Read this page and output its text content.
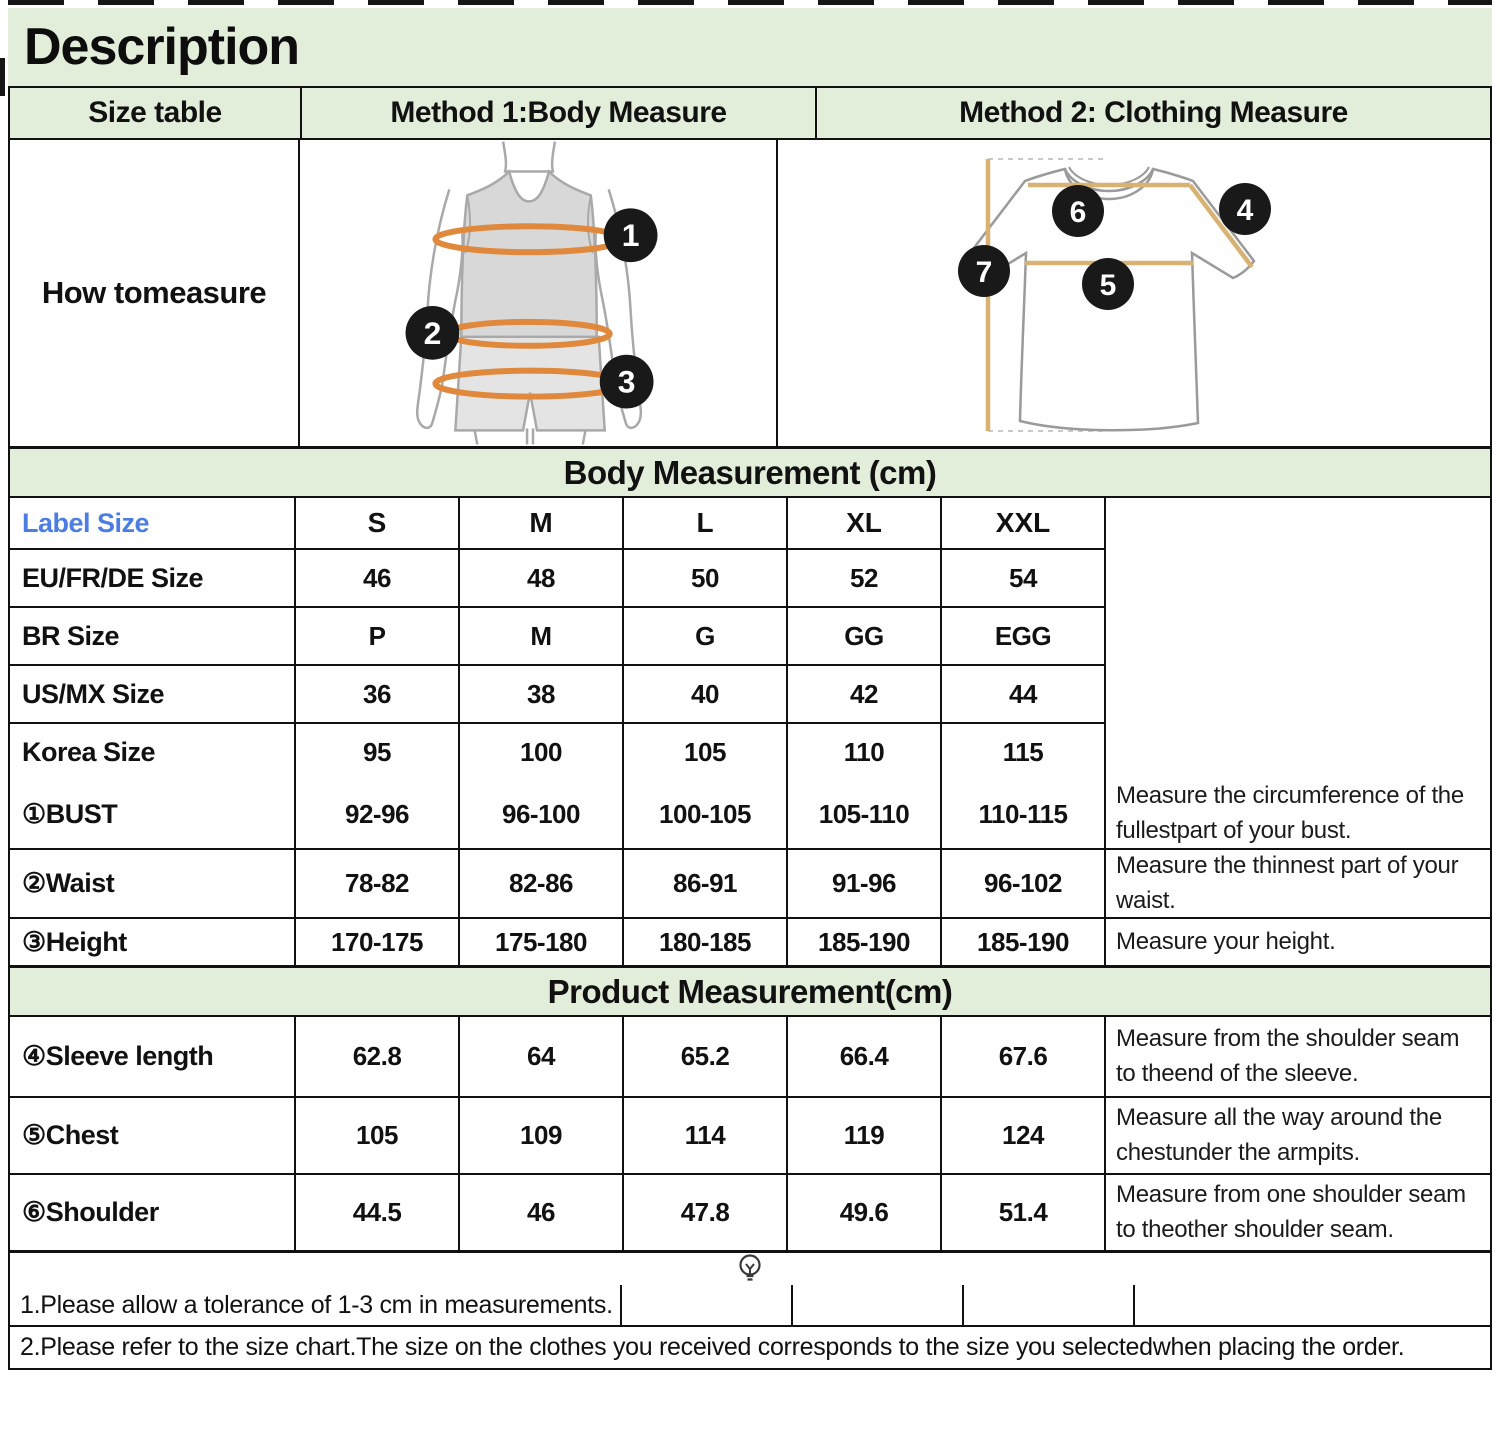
Description
Size table	Method 1:Body Measure	Method 2: Clothing Measure
How tomeasure
1
2
3
6	4
5
7
Body Measurement (cm)
Label Size	S	M	L	XL	XXL
EU/FR/DE Size	46	48	50	52	54
BR Size	P	M	G	GG	EGG
US/MX Size	36	38	40	42	44
Korea Size	95	100	105	110	115
①BUST	92-96	96-100	100-105	105-110	110-115
Measure the circumference of the fullestpart of your bust.
②Waist	78-82	82-86	86-91	91-96	96-102
Measure the thinnest part of your waist.
③Height	170-175	175-180	180-185	185-190	185-190	Measure your height.
Product Measurement(cm)
④Sleeve length	62.8	64	65.2	66.4	67.6
Measure from the shoulder seam to theend of the sleeve.
⑤Chest	105	109	114	119	124
Measure all the way around the chestunder the armpits.
⑥Shoulder	44.5	46	47.8	49.6	51.4
Measure from one shoulder seam to theother shoulder seam.
1.Please allow a tolerance of 1-3 cm in measurements.
2.Please refer to the size chart.The size on the clothes you received corresponds to the size you selectedwhen placing the order.
